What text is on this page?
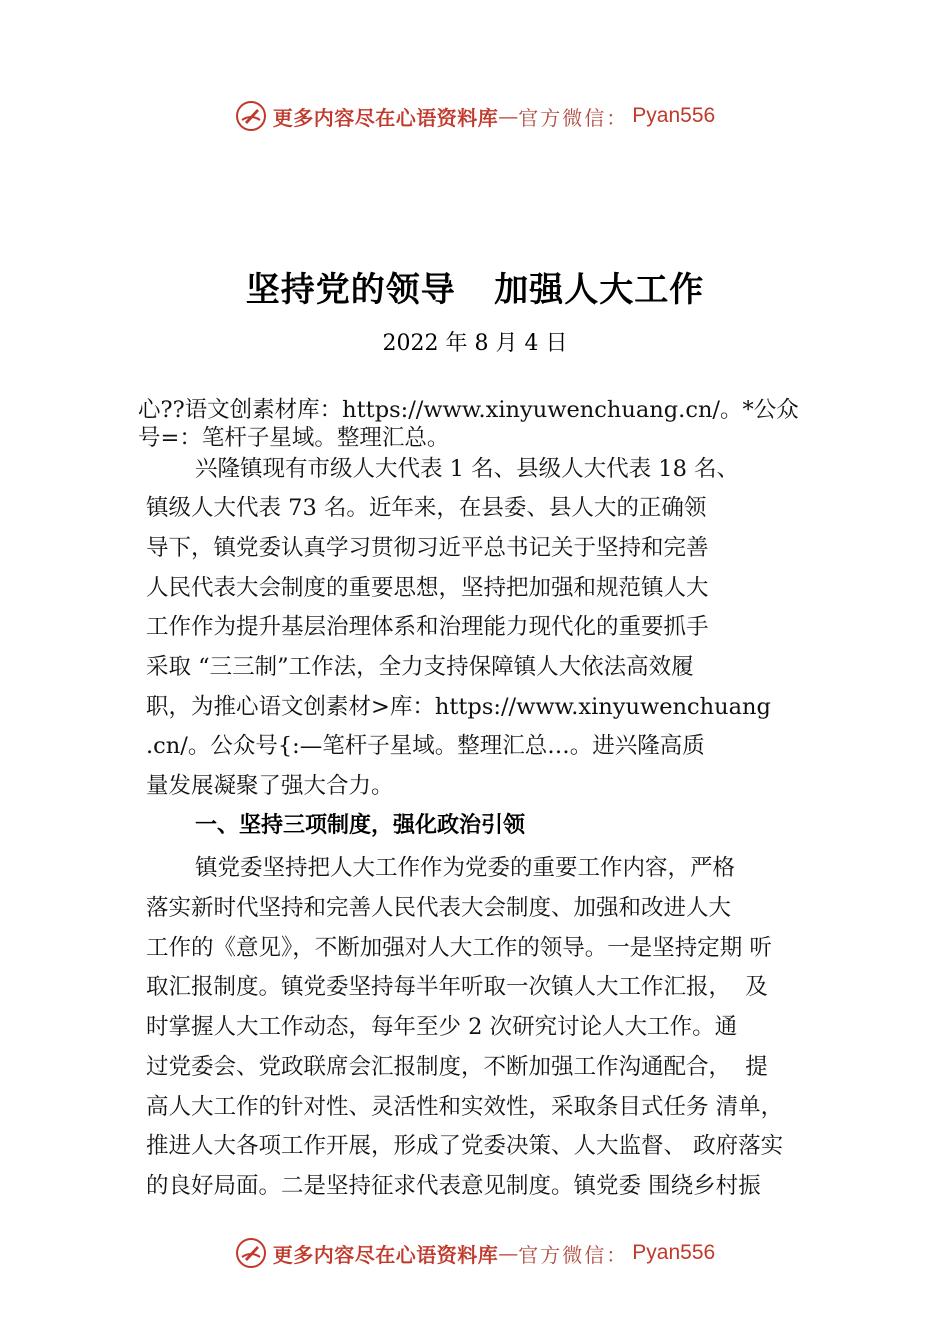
更多内容尽在心语资料库 — 官方微信： Pyan556
坚持党的领导   加强人大工作
2022 年 8 月 4 日
心??语文创素材库：https://www.xinyuwenchuang.cn/。*公众
号=：笔杆子星域。整理汇总。
兴隆镇现有市级人大代表 1 名、县级人大代表 18 名、
镇级人大代表 73 名。近年来，在县委、县人大的正确领
导下，镇党委认真学习贯彻习近平总书记关于坚持和完善
人民代表大会制度的重要思想，坚持把加强和规范镇人大
工作作为提升基层治理体系和治理能力现代化的重要抓手
采取 “三三制”工作法，全力支持保障镇人大依法高效履
职，为推心语文创素材>库：https://www.xinyuwenchuang
.cn/。公众号{:—笔杆子星域。整理汇总…。进兴隆高质
量发展凝聚了强大合力。
一、坚持三项制度，强化政治引领
镇党委坚持把人大工作作为党委的重要工作内容，严格
落实新时代坚持和完善人民代表大会制度、加强和改进人大
工作的《意见》，不断加强对人大工作的领导。一是坚持定期 听
取汇报制度。镇党委坚持每半年听取一次镇人大工作汇报，  及
时掌握人大工作动态，每年至少 2 次研究讨论人大工作。通
过党委会、党政联席会汇报制度，不断加强工作沟通配合，  提
高人大工作的针对性、灵活性和实效性，采取条目式任务 清单，
推进人大各项工作开展，形成了党委决策、人大监督、 政府落实
的良好局面。二是坚持征求代表意见制度。镇党委 围绕乡村振
更多内容尽在心语资料库 — 官方微信： Pyan556
